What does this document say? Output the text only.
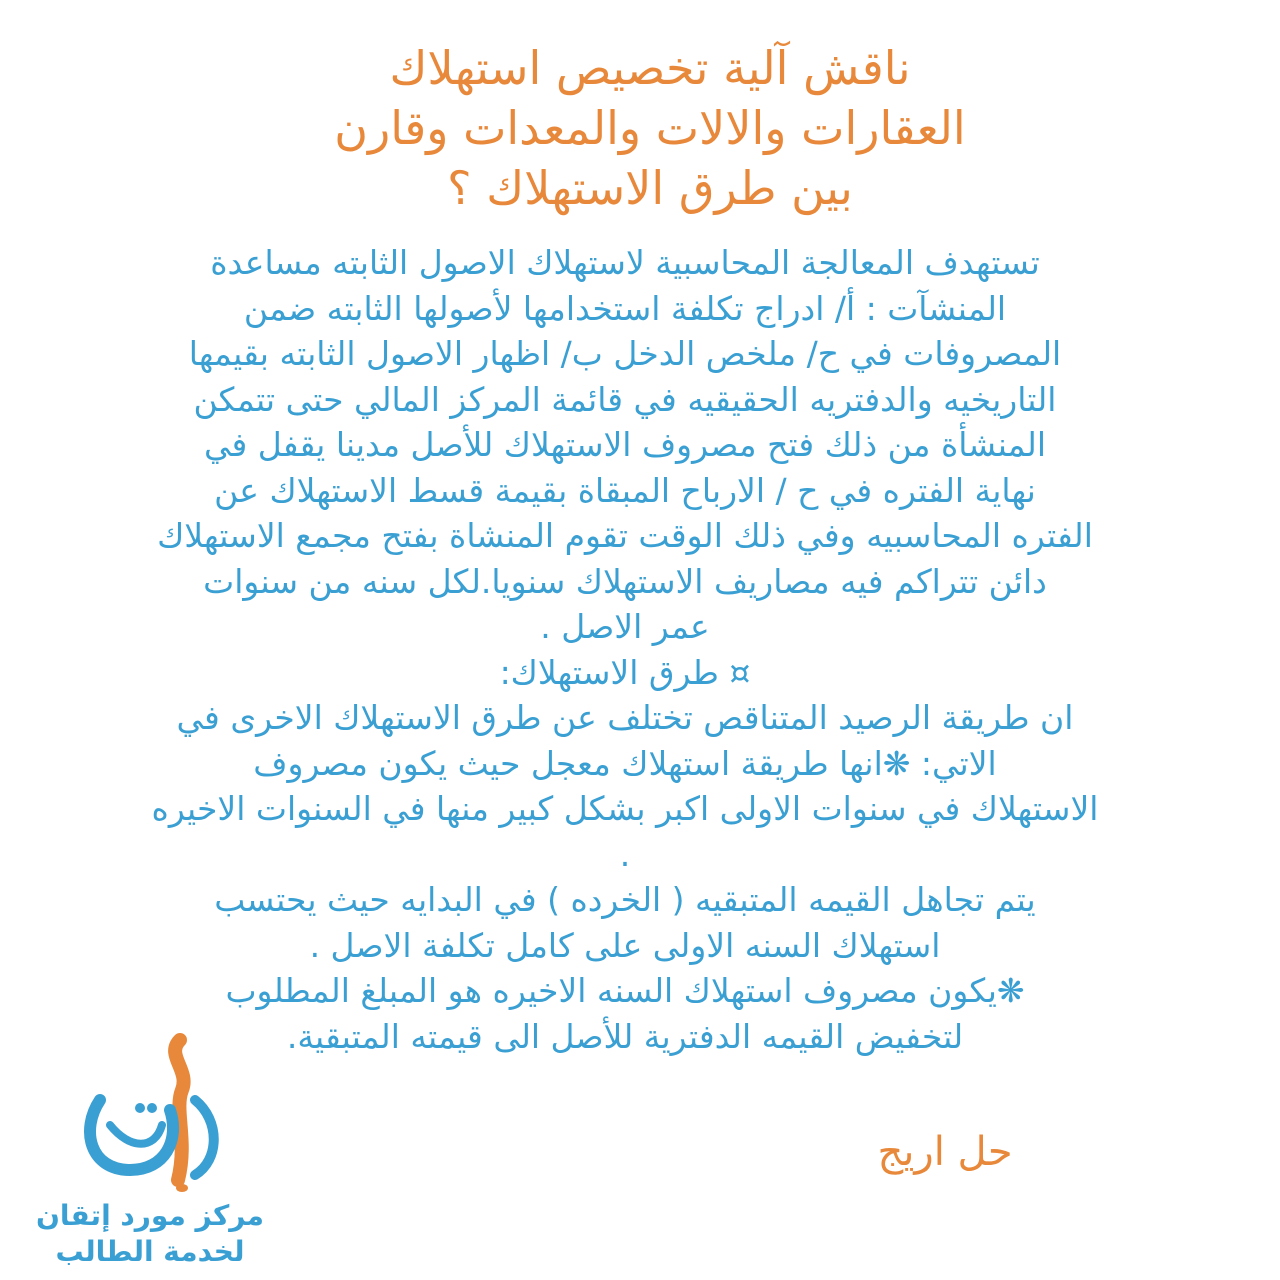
ناقش آلية تخصيص استهلاك
العقارات والالات والمعدات وقارن
بين طرق الاستهلاك ؟
تستهدف المعالجة المحاسبية لاستهلاك الاصول الثابته مساعدة
المنشآت : أ/ ادراج تكلفة استخدامها لأصولها الثابته ضمن
المصروفات في ح/ ملخص الدخل ب/ اظهار الاصول الثابته بقيمها
التاريخيه والدفتريه الحقيقيه في قائمة المركز المالي حتى تتمكن
المنشأة من ذلك فتح مصروف الاستهلاك للأصل مدينا يقفل في
نهاية الفتره في ح / الارباح المبقاة بقيمة قسط الاستهلاك عن
الفتره المحاسبيه وفي ذلك الوقت تقوم المنشاة بفتح مجمع الاستهلاك
دائن تتراكم فيه مصاريف الاستهلاك سنويا.لكل سنه من سنوات
عمر الاصل .
¤ طرق الاستهلاك:
ان طريقة الرصيد المتناقص تختلف عن طرق الاستهلاك الاخرى في
الاتي: ❋انها طريقة استهلاك معجل حيث يكون مصروف
الاستهلاك في سنوات الاولى اكبر بشكل كبير منها في السنوات الاخيره
.
يتم تجاهل القيمه المتبقيه ( الخرده ) في البدايه حيث يحتسب
استهلاك السنه الاولى على كامل تكلفة الاصل .
❋يكون مصروف استهلاك السنه الاخيره هو المبلغ المطلوب
لتخفيض القيمه الدفترية للأصل الى قيمته المتبقية.
حل اريج
مركز مورد إتقان
لخدمة الطالب
